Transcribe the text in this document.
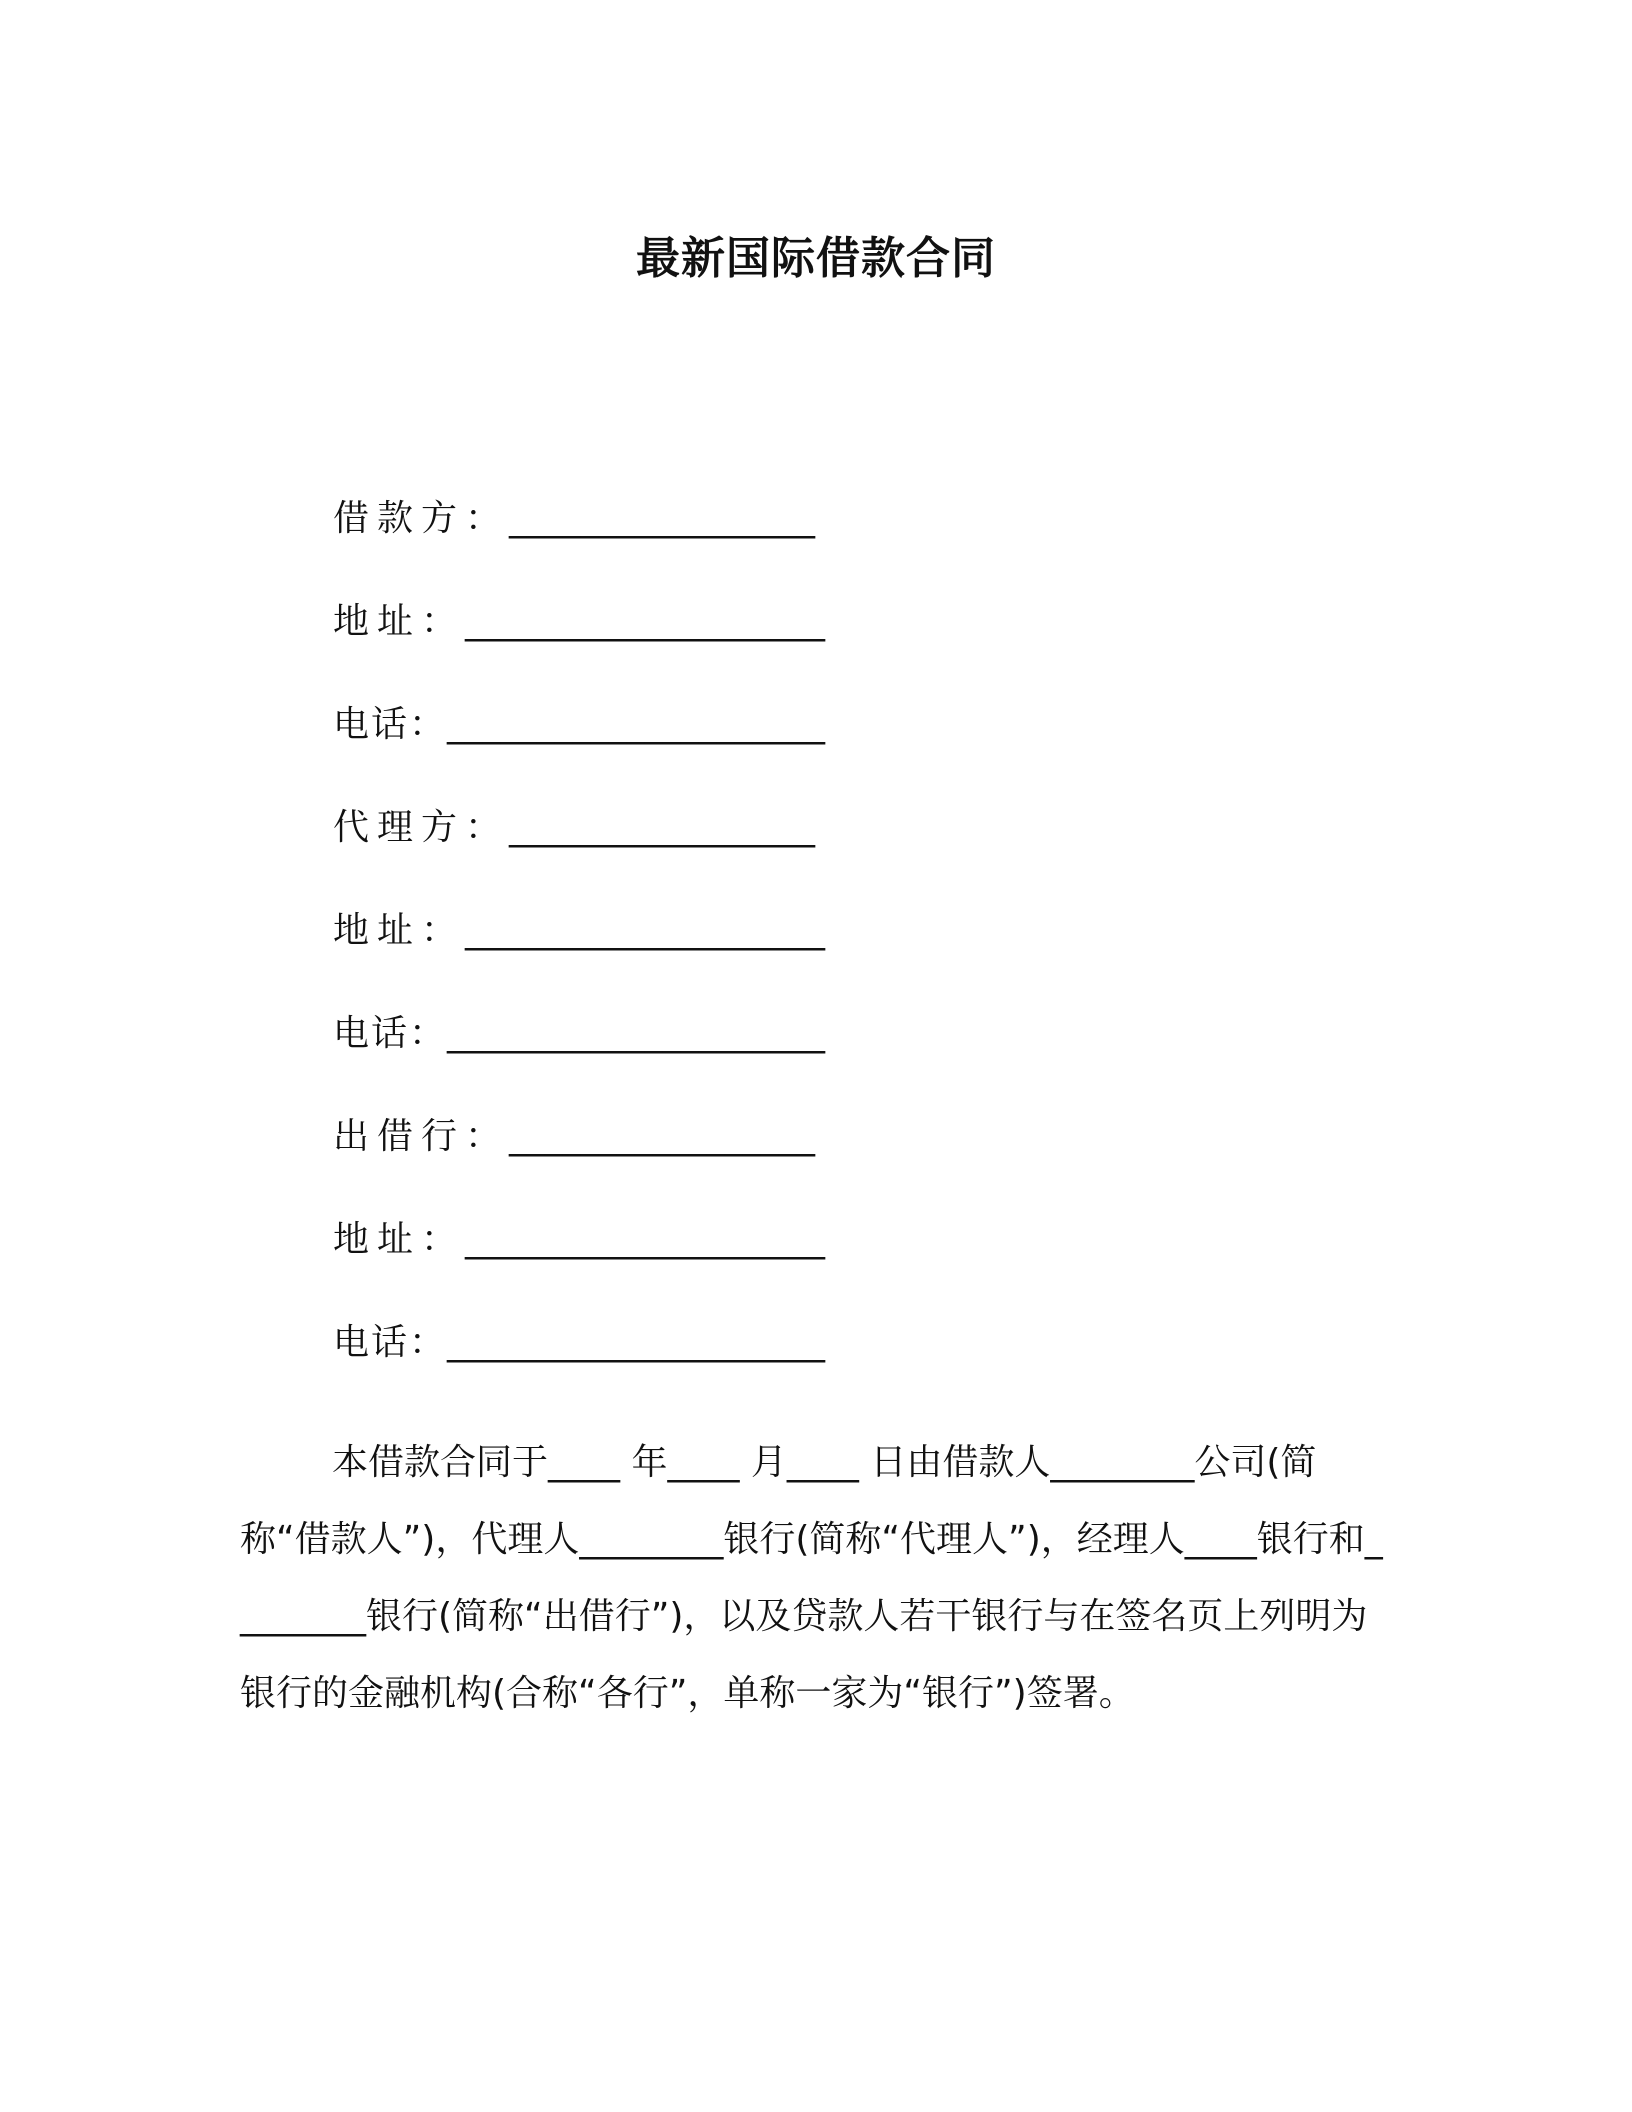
最新国际借款合同

借款方：_________________

地址：____________________

电话：_____________________

代理方：_________________

地址：____________________

电话：_____________________

出借行：_________________

地址：____________________

电话：_____________________

本借款合同于____ 年____ 月____ 日由借款人________公司(简称“借款人”)，代理人________银行(简称“代理人”)，经理人____银行和________银行(简称“出借行”)，以及贷款人若干银行与在签名页上列明为银行的金融机构(合称“各行”，单称一家为“银行”)签署。
